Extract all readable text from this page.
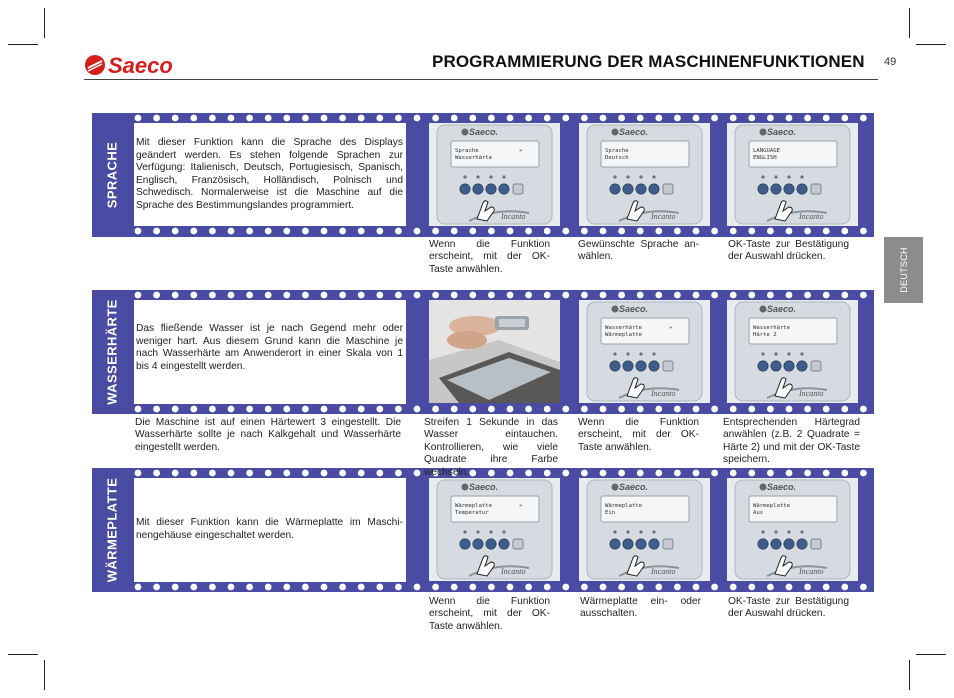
Saeco	PROGRAMMIERUNG DER MASCHINENFUNKTIONEN 49
DEUTSCH
SPRACHE
WASSERHÄRTE
WÄRMEPLATTE
Mit dieser Funktion kann die Sprache des Displays geändert werden. Es stehen folgende Sprachen zur Verfügung: Italienisch, Deutsch, Portugiesisch, Spanisch, Englisch, Französisch, Holländisch, Polnisch und Schwedisch. Normalerweise ist die Maschine auf die Sprache des Bestimmungslandes programmiert.
Das fließende Wasser ist je nach Gegend mehr oder weniger hart. Aus diesem Grund kann die Maschine je nach Wasserhärte am Anwenderort in einer Skala von 1 bis 4 eingestellt werden.
Mit dieser Funktion kann die Wärmeplatte im Maschi-nengehäuse eingeschaltet werden.
Saeco.
Incanto
Sprache            »
Wasserhärte
Saeco.
Incanto
Sprache
Deutsch
Saeco.
Incanto
LANGUAGE
ENGLISH
Saeco.
Incanto
Wasserhärte        »
Wärmeplatte
Saeco.
Incanto
Wasserhärte
Härte 2
Saeco.
Incanto
Wärmeplatte        »
Temperatur
Saeco.
Incanto
Wärmeplatte
Ein
Saeco.
Incanto
Wärmeplatte
Aus
Wenn die Funktion erscheint, mit der OK-Taste anwählen.
Gewünschte Sprache an-wählen.
OK-Taste zur Bestätigung der Auswahl drücken.
Die Maschine ist auf einen Härtewert 3 eingestellt. Die Wasserhärte sollte je nach Kalkgehalt und Wasserhärte eingestellt werden.
Streifen 1 Sekunde in das Wasser eintauchen. Kontrollieren, wie viele Quadrate ihre Farbe wechseln.
Wenn die Funktion erscheint, mit der OK-Taste anwählen.
Entsprechenden Härtegrad anwählen (z.B. 2 Quadrate = Härte 2) und mit der OK-Taste speichern.
Wenn die Funktion erscheint, mit der OK-Taste anwählen.
Wärmeplatte ein- oder ausschalten.
OK-Taste zur Bestätigung der Auswahl drücken.
